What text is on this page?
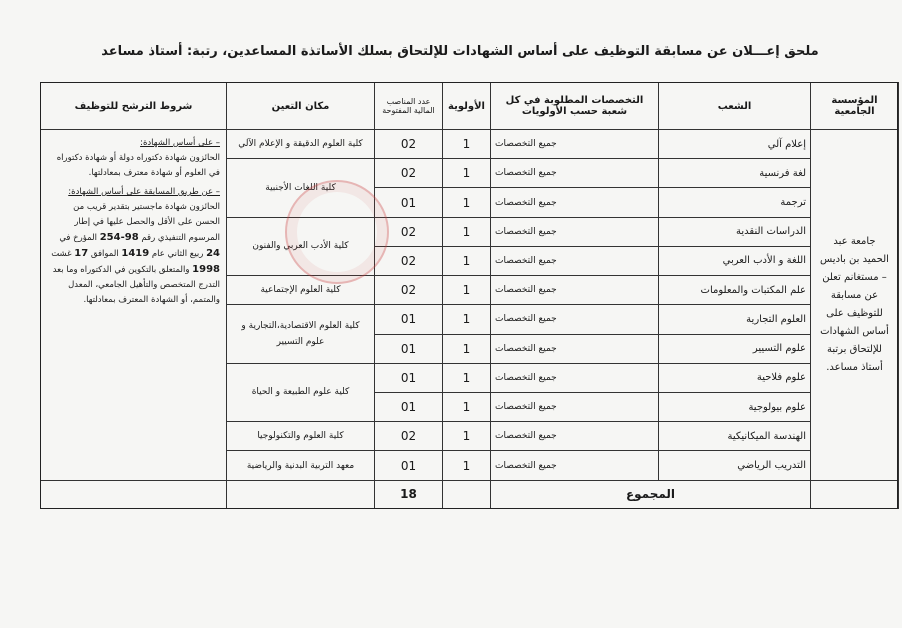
ملحق إعـــلان عن مسابقة التوظيف على أساس الشهادات للإلتحاق بسلك الأساتذة المساعدين، رتبة: أستاذ مساعد
المؤسسة الجامعية	الشعب	التخصصات المطلوبة في كل شعبة حسب الأولويات	الأولوية	عدد المناصب المالية المفتوحة	مكان التعين	شروط الترشح للتوظيف
جامعة عبد الحميد بن باديس – مستغانم تعلن عن مسابقة للتوظيف على أساس الشهادات للإلتحاق برتبة أستاذ مساعد.	إعلام آلي	جميع التخصصات	1	02	كلية العلوم الدقيقة و الإعلام الآلي	– على أساس الشهادة:
الحائزون شهادة دكتوراه دولة أو شهادة دكتوراه في العلوم أو شهادة معترف بمعادلتها.
– عن طريق المسابقة على أساس الشهادة:
الحائزون شهادة ماجستير بتقدير قريب من الحسن على الأقل والحصل عليها في إطار المرسوم التنفيذي رقم 98-254 المؤرخ في 24 ربيع الثاني عام 1419 الموافق 17 غشت 1998 والمتعلق بالتكوين في الدكتوراه وما بعد التدرج المتخصص والتأهيل الجامعي، المعدل والمتمم، أو الشهادة المعترف بمعادلتها.

	لغة فرنسية	جميع التخصصات	1	02	كلية اللغات الأجنبية	
	ترجمة	جميع التخصصات	1	01		
	الدراسات النقدية	جميع التخصصات	1	02	كلية الأدب العربي والفنون	
	اللغة و الأدب العربي	جميع التخصصات	1	02		
	علم المكتبات والمعلومات	جميع التخصصات	1	02	كلية العلوم الإجتماعية	
	العلوم التجارية	جميع التخصصات	1	01	كلية العلوم الاقتصادية،التجارية و علوم التسيير	
	علوم التسيير	جميع التخصصات	1	01		
	علوم فلاحية	جميع التخصصات	1	01	كلية علوم الطبيعة و الحياة	
	علوم بيولوجية	جميع التخصصات	1	01		
	الهندسة الميكانيكية	جميع التخصصات	1	02	كلية العلوم والتكنولوجيا	
	التدريب الرياضي	جميع التخصصات	1	01	معهد التربية البدنية والرياضية	
	المجموع			18		
